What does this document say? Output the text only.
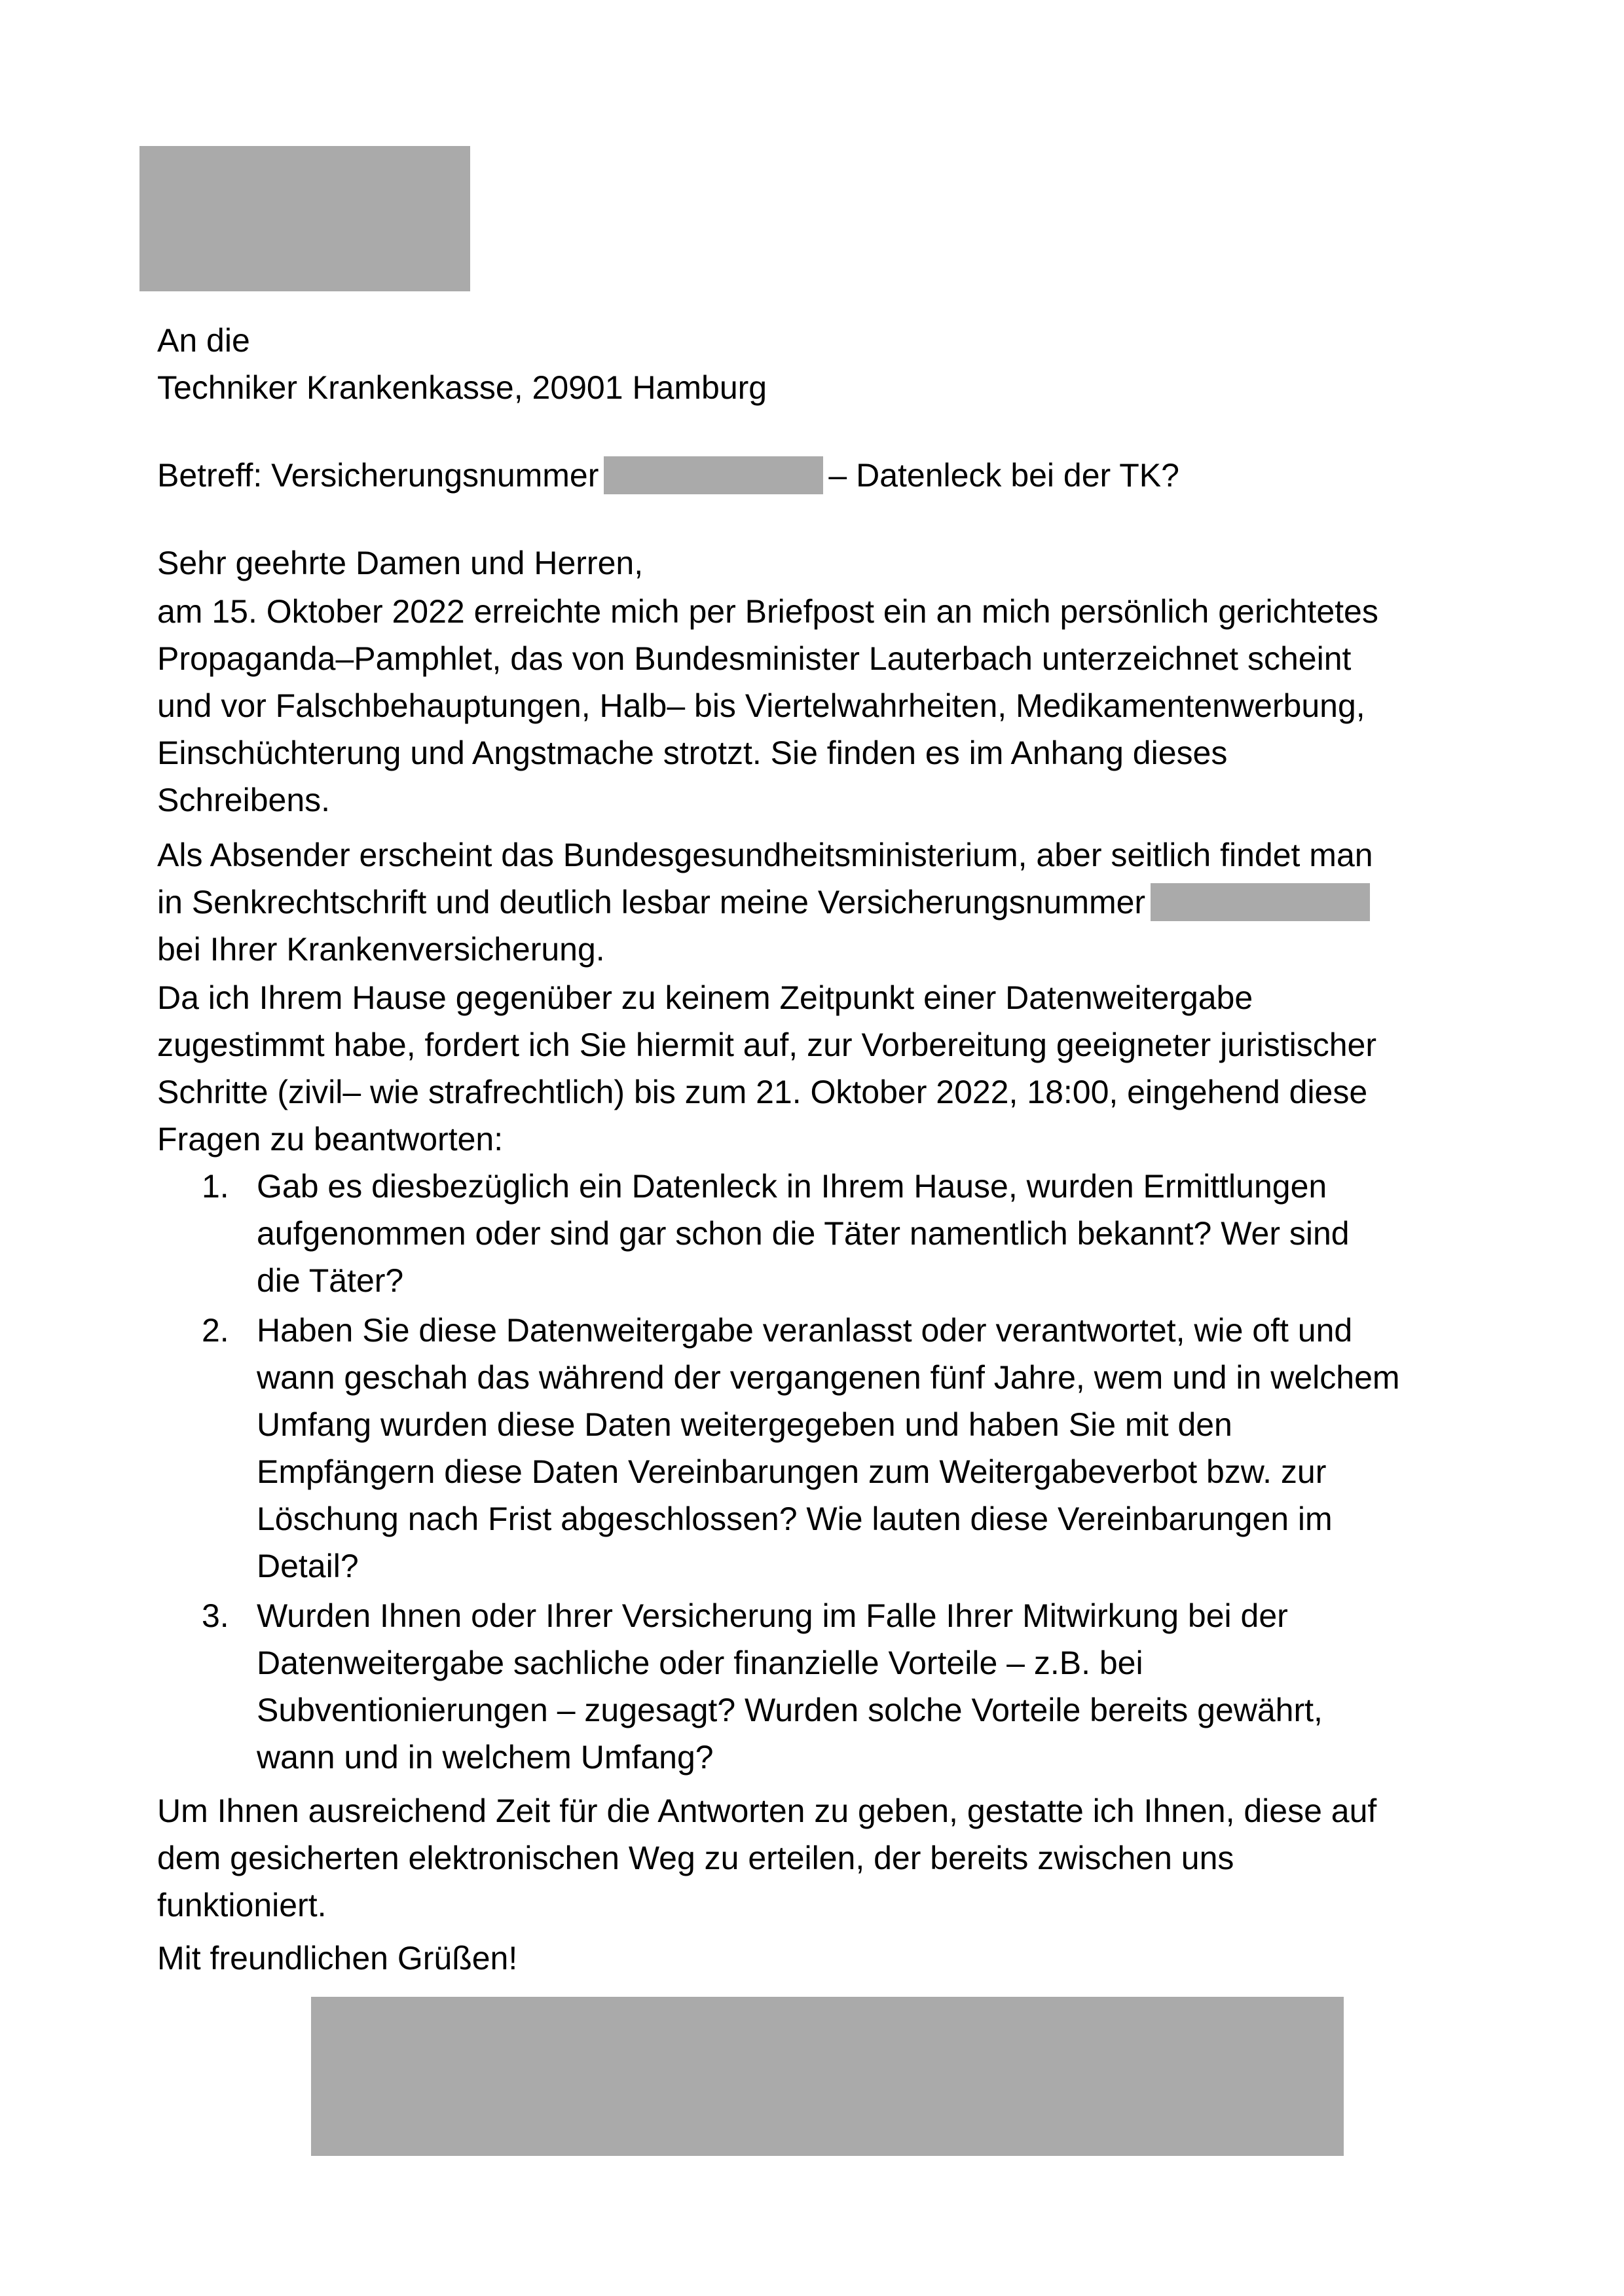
An die
Techniker Krankenkasse, 20901 Hamburg
Betreff: Versicherungsnummer	– Datenleck bei der TK?
Sehr geehrte Damen und Herren,
am 15. Oktober 2022 erreichte mich per Briefpost ein an mich persönlich gerichtetes
Propaganda–Pamphlet, das von Bundesminister Lauterbach unterzeichnet scheint
und vor Falschbehauptungen, Halb– bis Viertelwahrheiten, Medikamentenwerbung,
Einschüchterung und Angstmache strotzt. Sie finden es im Anhang dieses
Schreibens.
Als Absender erscheint das Bundesgesundheitsministerium, aber seitlich findet man
in Senkrechtschrift und deutlich lesbar meine Versicherungsnummer
bei Ihrer Krankenversicherung.
Da ich Ihrem Hause gegenüber zu keinem Zeitpunkt einer Datenweitergabe
zugestimmt habe, fordert ich Sie hiermit auf, zur Vorbereitung geeigneter juristischer
Schritte (zivil– wie strafrechtlich) bis zum 21. Oktober 2022, 18:00, eingehend diese
Fragen zu beantworten:
1. Gab es diesbezüglich ein Datenleck in Ihrem Hause, wurden Ermittlungen
aufgenommen oder sind gar schon die Täter namentlich bekannt? Wer sind
die Täter?
2. Haben Sie diese Datenweitergabe veranlasst oder verantwortet, wie oft und
wann geschah das während der vergangenen fünf Jahre, wem und in welchem
Umfang wurden diese Daten weitergegeben und haben Sie mit den
Empfängern diese Daten Vereinbarungen zum Weitergabeverbot bzw. zur
Löschung nach Frist abgeschlossen? Wie lauten diese Vereinbarungen im
Detail?
3. Wurden Ihnen oder Ihrer Versicherung im Falle Ihrer Mitwirkung bei der
Datenweitergabe sachliche oder finanzielle Vorteile – z.B. bei
Subventionierungen – zugesagt? Wurden solche Vorteile bereits gewährt,
wann und in welchem Umfang?
Um Ihnen ausreichend Zeit für die Antworten zu geben, gestatte ich Ihnen, diese auf
dem gesicherten elektronischen Weg zu erteilen, der bereits zwischen uns
funktioniert.
Mit freundlichen Grüßen!
